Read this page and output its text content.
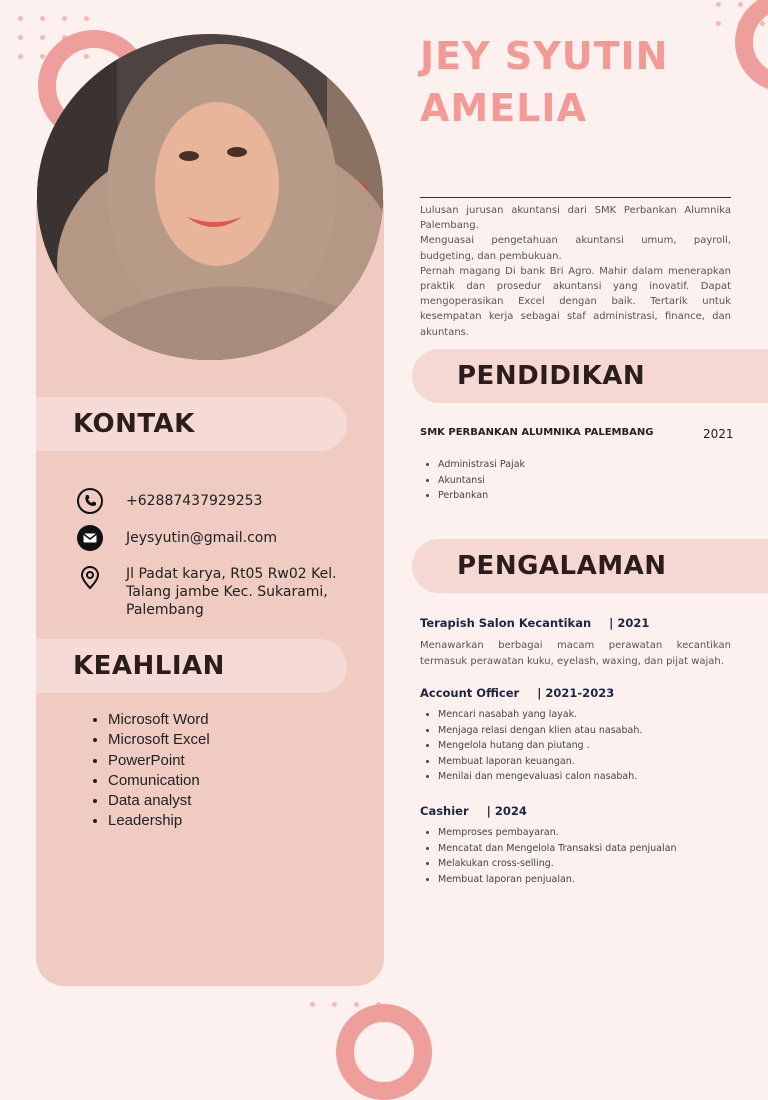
JEY SYUTIN
AMELIA

Lulusan jurusan akuntansi dari SMK Perbankan Alumnika Palembang.

Menguasai pengetahuan akuntansi umum, payroll, budgeting, dan pembukuan.

Pernah magang Di bank Bri Agro. Mahir dalam menerapkan praktik dan prosedur akuntansi yang inovatif. Dapat mengoperasikan Excel dengan baik. Tertarik untuk kesempatan kerja sebagai staf administrasi, finance, dan akuntans.

KONTAK
+62887437929253
Jeysyutin@gmail.com
Jl Padat karya, Rt05 Rw02 Kel.
Talang jambe Kec. Sukarami,
Palembang
KEAHLIAN
• Microsoft Word
• Microsoft Excel
• PowerPoint
• Comunication
• Data analyst
• Leadership
PENDIDIKAN
SMK PERBANKAN ALUMNIKA PALEMBANG	2021
• Administrasi Pajak
• Akuntansi
• Perbankan
PENGALAMAN
Terapish Salon Kecantikan | 2021

Menawarkan berbagai macam perawatan kecantikan termasuk perawatan kuku, eyelash, waxing, dan pijat wajah.

Account Officer | 2021-2023
• Mencari nasabah yang layak.
• Menjaga relasi dengan klien atau nasabah.
• Mengelola hutang dan piutang .
• Membuat laporan keuangan.
• Menilai dan mengevaluasi calon nasabah.
Cashier | 2024
• Memproses pembayaran.
• Mencatat dan Mengelola Transaksi data penjualan
• Melakukan cross-selling.
• Membuat laporan penjualan.
